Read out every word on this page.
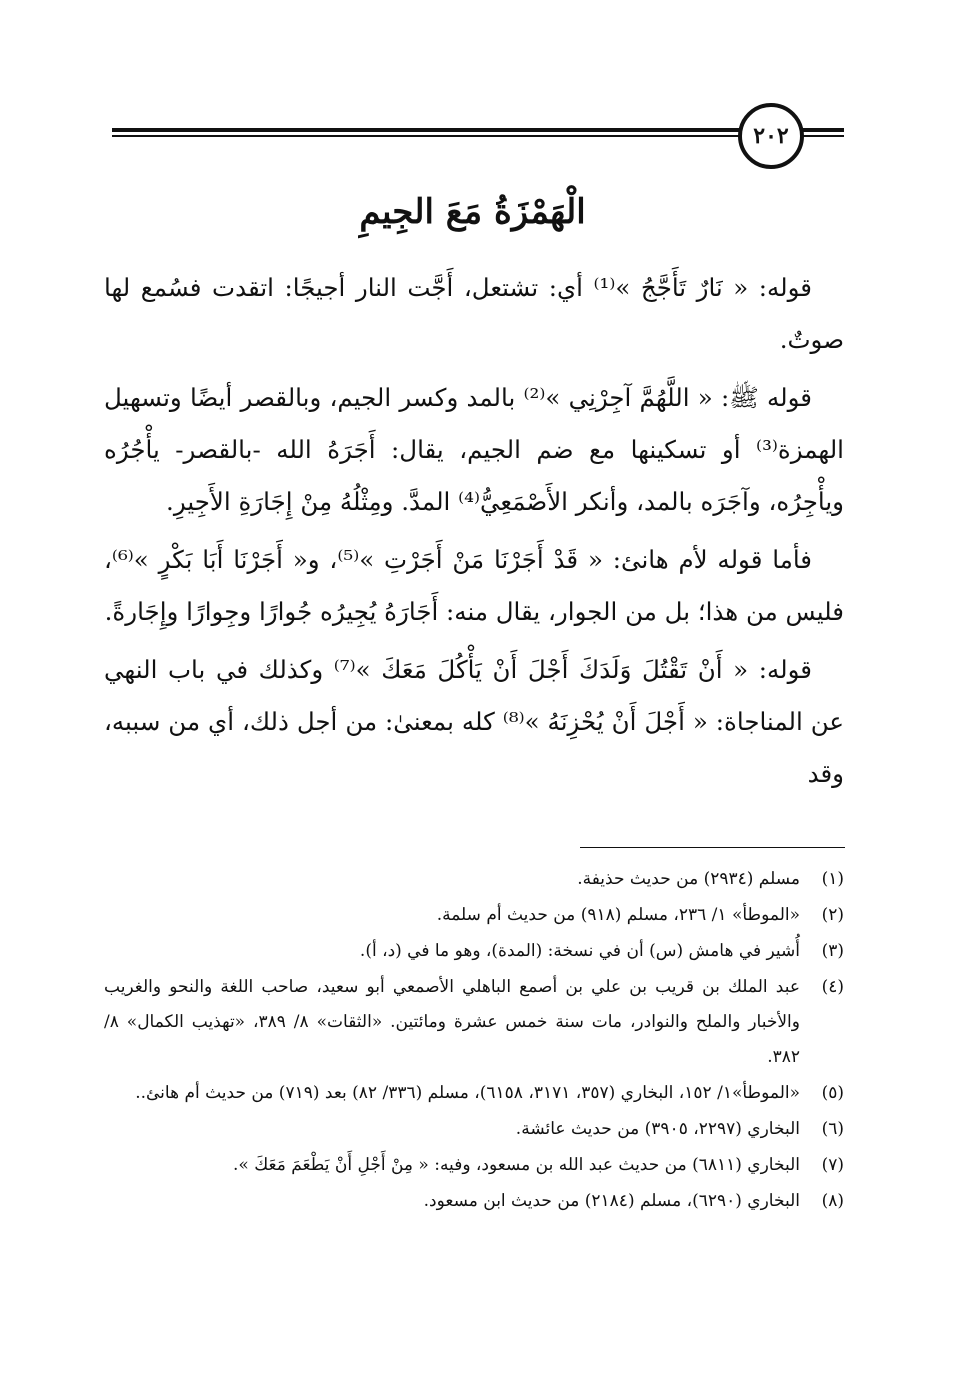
٢٠٢
الْهَمْزَةُ مَعَ الجِيمِ

قوله: « نَارٌ تَأَجَّجُ »⁽¹⁾ أي: تشتعل، أَجَّت النار أجيجًا: اتقدت فسُمع لها صوتٌ.

قوله ﷺ: « اللَّهُمَّ آجِرْنِي »⁽²⁾ بالمد وكسر الجيم، وبالقصر أيضًا وتسهيل الهمزة⁽³⁾ أو تسكينها مع ضم الجيم، يقال: أَجَرَهُ الله -بالقصر- يأْجُرُه ويأْجِرُه، وآجَرَه بالمد، وأنكر الأَصْمَعِيُّ⁽⁴⁾ المدَّ. ومِثْلُهُ مِنْ إِجَارَةِ الأَجِيرِ.

فأما قوله لأم هانئ: « قَدْ أَجَرْنَا مَنْ أَجَرْتِ »⁽⁵⁾، و« أَجَرْنَا أَبَا بَكْرٍ »⁽⁶⁾، فليس من هذا؛ بل من الجوار، يقال منه: أَجَارَهُ يُجِيرُه جُوارًا وجِوارًا وإِجَارةً.

قوله: « أَنْ تَقْتُلَ وَلَدَكَ أَجْلَ أَنْ يَأْكُلَ مَعَكَ »⁽⁷⁾ وكذلك في باب النهي عن المناجاة: « أَجْلَ أَنْ يُحْزِنَهُ »⁽⁸⁾ كله بمعنىٰ: من أجل ذلك، أي من سببه، وقد

(١)
مسلم (٢٩٣٤) من حديث حذيفة.
(٢)
«الموطأ» ١/ ٢٣٦، مسلم (٩١٨) من حديث أم سلمة.
(٣)
أُشير في هامش (س) أن في نسخة: (المدة)، وهو ما في (د، أ).
(٤)
عبد الملك بن قريب بن علي بن أصمع الباهلي الأصمعي أبو سعيد، صاحب اللغة والنحو والغريب والأخبار والملح والنوادر، مات سنة خمس عشرة ومائتين. «الثقات» ٨/ ٣٨٩، «تهذيب الكمال» ٨/ ٣٨٢.
(٥)
«الموطأ»١/ ١٥٢، البخاري (٣٥٧، ٣١٧١، ٦١٥٨)، مسلم (٣٣٦/ ٨٢) بعد (٧١٩) من حديث أم هانئ..
(٦)
البخاري (٢٢٩٧، ٣٩٠٥) من حديث عائشة.
(٧)
البخاري (٦٨١١) من حديث عبد الله بن مسعود، وفيه: « مِنْ أَجْلِ أَنْ يَطْعَمَ مَعَكَ ».
(٨)
البخاري (٦٢٩٠)، مسلم (٢١٨٤) من حديث ابن مسعود.
